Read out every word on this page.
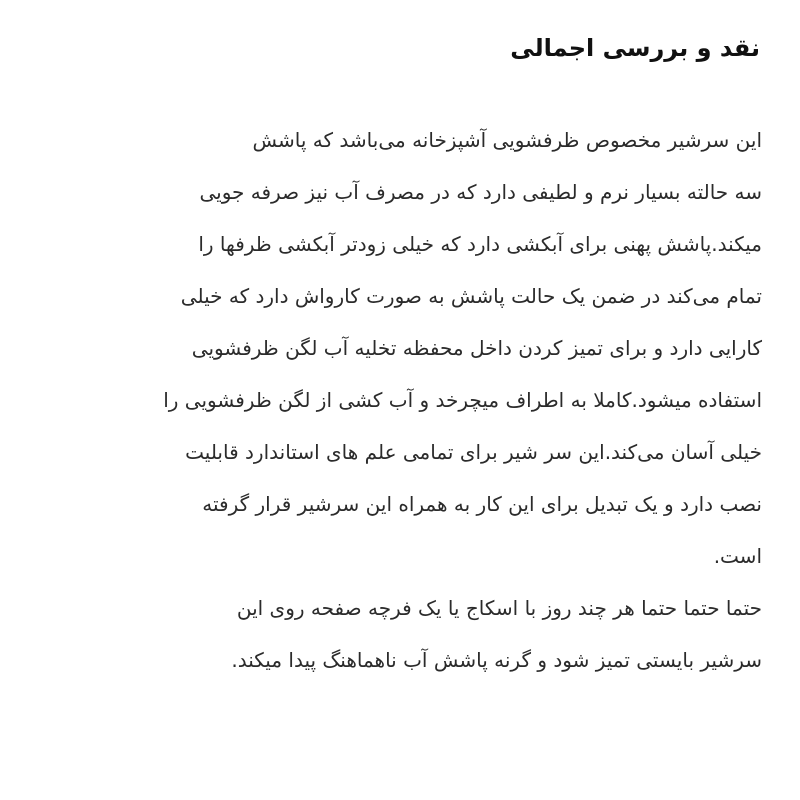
نقد و بررسی اجمالی
این سرشیر مخصوص ظرفشویی آشپزخانه می‌باشد که پاشش
سه حالته بسیار نرم و لطیفی دارد که در مصرف آب نیز صرفه جویی
میکند.پاشش پهنی برای آبکشی دارد که خیلی زودتر آبکشی ظرفها را
تمام می‌کند در ضمن یک حالت پاشش به صورت کارواش دارد که خیلی
کارایی دارد و برای تمیز کردن داخل محفظه تخلیه آب لگن ظرفشویی
استفاده میشود.کاملا به اطراف میچرخد و آب کشی از لگن ظرفشویی را
خیلی آسان می‌کند.این سر شیر برای تمامی علم های استاندارد قابلیت
نصب دارد و یک تبدیل برای این کار به همراه این سرشیر قرار گرفته
است.
حتما حتما حتما هر چند روز با اسکاج یا یک فرچه صفحه روی این
سرشیر بایستی تمیز شود و گرنه پاشش آب ناهماهنگ پیدا میکند.
